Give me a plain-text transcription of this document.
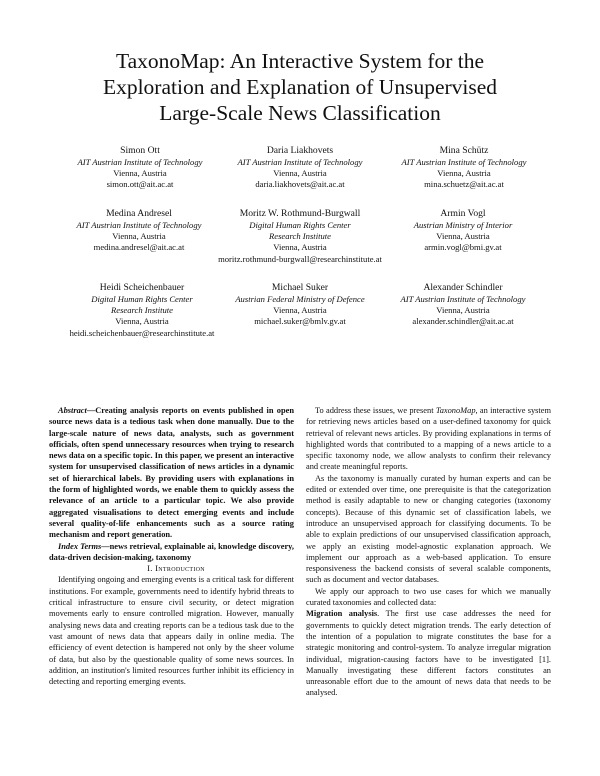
TaxonoMap: An Interactive System for the
Exploration and Explanation of Unsupervised
Large-Scale News Classification
Simon Ott
AIT Austrian Institute of Technology
Vienna, Austria
simon.ott@ait.ac.at
Daria Liakhovets
AIT Austrian Institute of Technology
Vienna, Austria
daria.liakhovets@ait.ac.at
Mina Schütz
AIT Austrian Institute of Technology
Vienna, Austria
mina.schuetz@ait.ac.at
Medina Andresel
AIT Austrian Institute of Technology
Vienna, Austria
medina.andresel@ait.ac.at
Moritz W. Rothmund-Burgwall
Digital Human Rights Center
Research Institute
Vienna, Austria
moritz.rothmund-burgwall@researchinstitute.at
Armin Vogl
Austrian Ministry of Interior
Vienna, Austria
armin.vogl@bmi.gv.at
Heidi Scheichenbauer
Digital Human Rights Center
Research Institute
Vienna, Austria
heidi.scheichenbauer@researchinstitute.at
Michael Suker
Austrian Federal Ministry of Defence
Vienna, Austria
michael.suker@bmlv.gv.at
Alexander Schindler
AIT Austrian Institute of Technology
Vienna, Austria
alexander.schindler@ait.ac.at

Abstract—Creating analysis reports on events published in open source news data is a tedious task when done manually. Due to the large-scale nature of news data, analysts, such as government officials, often spend unnecessary resources when trying to research news data on a specific topic. In this paper, we present an interactive system for unsupervised classification of news articles in a dynamic set of hierarchical labels. By providing users with explanations in the form of highlighted words, we enable them to quickly assess the relevance of an article to a particular topic. We also provide aggregated visualisations to detect emerging events and include several quality-of-life enhancements such as a source rating mechanism and report generation.

Index Terms—news retrieval, explainable ai, knowledge discovery, data-driven decision-making, taxonomy

I. Introduction

Identifying ongoing and emerging events is a critical task for different institutions. For example, governments need to identify hybrid threats to critical infrastructure to ensure civil security, or detect migration movements early to ensure controlled migration. However, manually analysing news data and creating reports can be a tedious task due to the vast amount of news data that appears daily in online media. The efficiency of event detection is hampered not only by the sheer volume of data, but also by the questionable quality of some news sources. In addition, an institution's limited resources further inhibit its efficiency in detecting and reporting emerging events.

To address these issues, we present TaxonoMap, an interactive system for retrieving news articles based on a user-defined taxonomy for quick retrieval of relevant news articles. By providing explanations in terms of highlighted words that contributed to a mapping of a news article to a specific taxonomy node, we allow analysts to confirm their relevancy and create meaningful reports.

As the taxonomy is manually curated by human experts and can be edited or extended over time, one prerequisite is that the categorization method is easily adaptable to new or changing categories (taxonomy concepts). Because of this dynamic set of classification labels, we introduce an unsupervised approach for classifying documents. To be able to explain predictions of our unsupervised classification approach, we apply an existing model-agnostic explanation approach. We implement our approach as a web-based application. To ensure responsiveness the backend consists of several scalable components, such as document and vector databases.

We apply our approach to two use cases for which we manually curated taxonomies and collected data:

Migration analysis. The first use case addresses the need for governments to quickly detect migration trends. The early detection of the intention of a population to migrate constitutes the base for a strategic monitoring and control-system. To analyze irregular migration individual, migration-causing factors have to be investigated [1]. Manually investigating these different factors constitutes an unreasonable effort due to the amount of news data that needs to be analysed.
